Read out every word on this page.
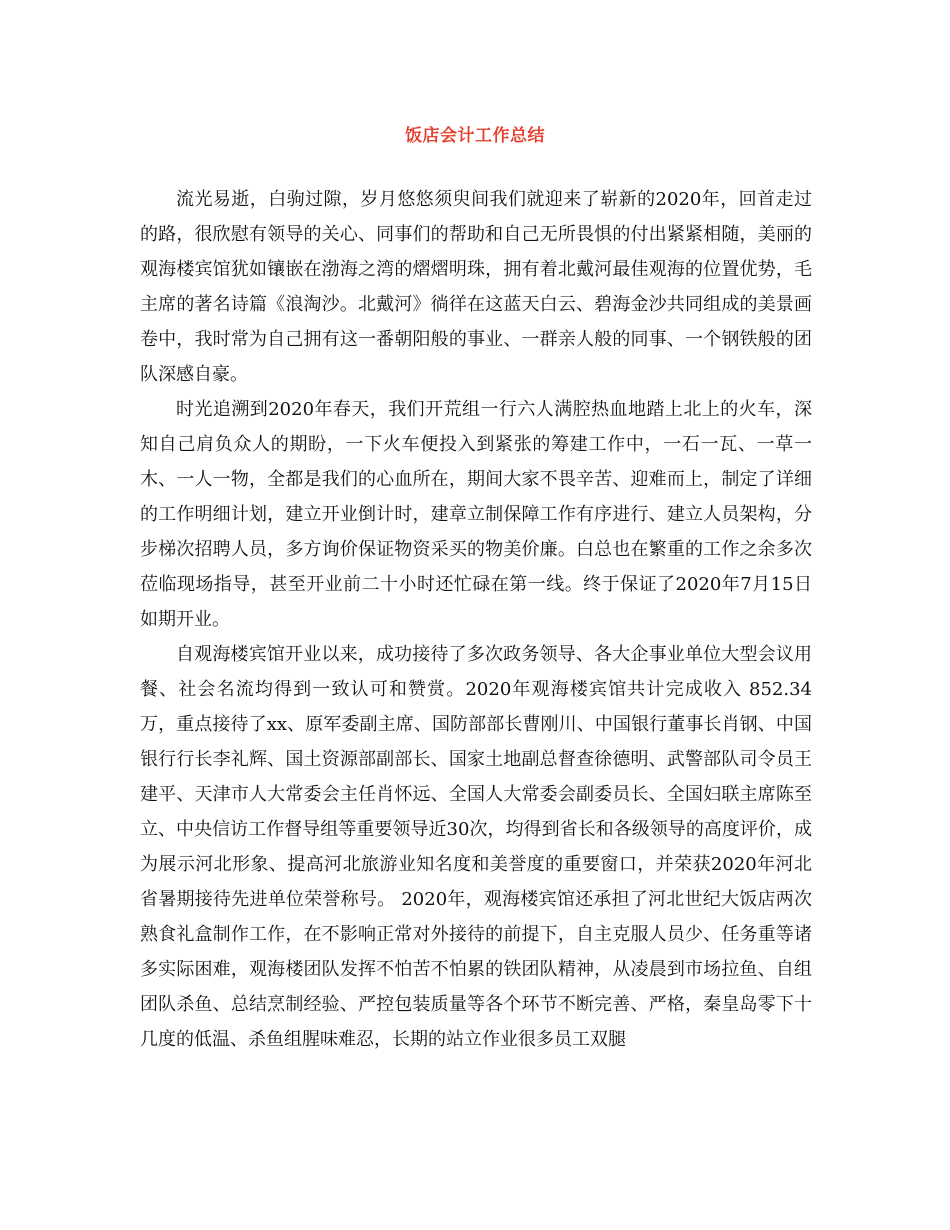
饭店会计工作总结

流光易逝，白驹过隙，岁月悠悠须臾间我们就迎来了崭新的2020年，回首走过的路，很欣慰有领导的关心、同事们的帮助和自己无所畏惧的付出紧紧相随，美丽的观海楼宾馆犹如镶嵌在渤海之湾的熠熠明珠，拥有着北戴河最佳观海的位置优势，毛主席的著名诗篇《浪淘沙。北戴河》徜徉在这蓝天白云、碧海金沙共同组成的美景画卷中，我时常为自己拥有这一番朝阳般的事业、一群亲人般的同事、一个钢铁般的团队深感自豪。

时光追溯到2020年春天，我们开荒组一行六人满腔热血地踏上北上的火车，深知自己肩负众人的期盼，一下火车便投入到紧张的筹建工作中，一石一瓦、一草一木、一人一物，全都是我们的心血所在，期间大家不畏辛苦、迎难而上，制定了详细的工作明细计划，建立开业倒计时，建章立制保障工作有序进行、建立人员架构，分步梯次招聘人员，多方询价保证物资采买的物美价廉。白总也在繁重的工作之余多次莅临现场指导，甚至开业前二十小时还忙碌在第一线。终于保证了2020年7月15日如期开业。

自观海楼宾馆开业以来，成功接待了多次政务领导、各大企事业单位大型会议用餐、社会名流均得到一致认可和赞赏。2020年观海楼宾馆共计完成收入 852.34万，重点接待了xx、原军委副主席、国防部部长曹刚川、中国银行董事长肖钢、中国银行行长李礼辉、国土资源部副部长、国家土地副总督查徐德明、武警部队司令员王建平、天津市人大常委会主任肖怀远、全国人大常委会副委员长、全国妇联主席陈至立、中央信访工作督导组等重要领导近30次，均得到省长和各级领导的高度评价，成为展示河北形象、提高河北旅游业知名度和美誉度的重要窗口，并荣获2020年河北省暑期接待先进单位荣誉称号。 2020年，观海楼宾馆还承担了河北世纪大饭店两次熟食礼盒制作工作，在不影响正常对外接待的前提下，自主克服人员少、任务重等诸多实际困难，观海楼团队发挥不怕苦不怕累的铁团队精神，从凌晨到市场拉鱼、自组团队杀鱼、总结烹制经验、严控包装质量等各个环节不断完善、严格，秦皇岛零下十几度的低温、杀鱼组腥味难忍，长期的站立作业很多员工双腿
